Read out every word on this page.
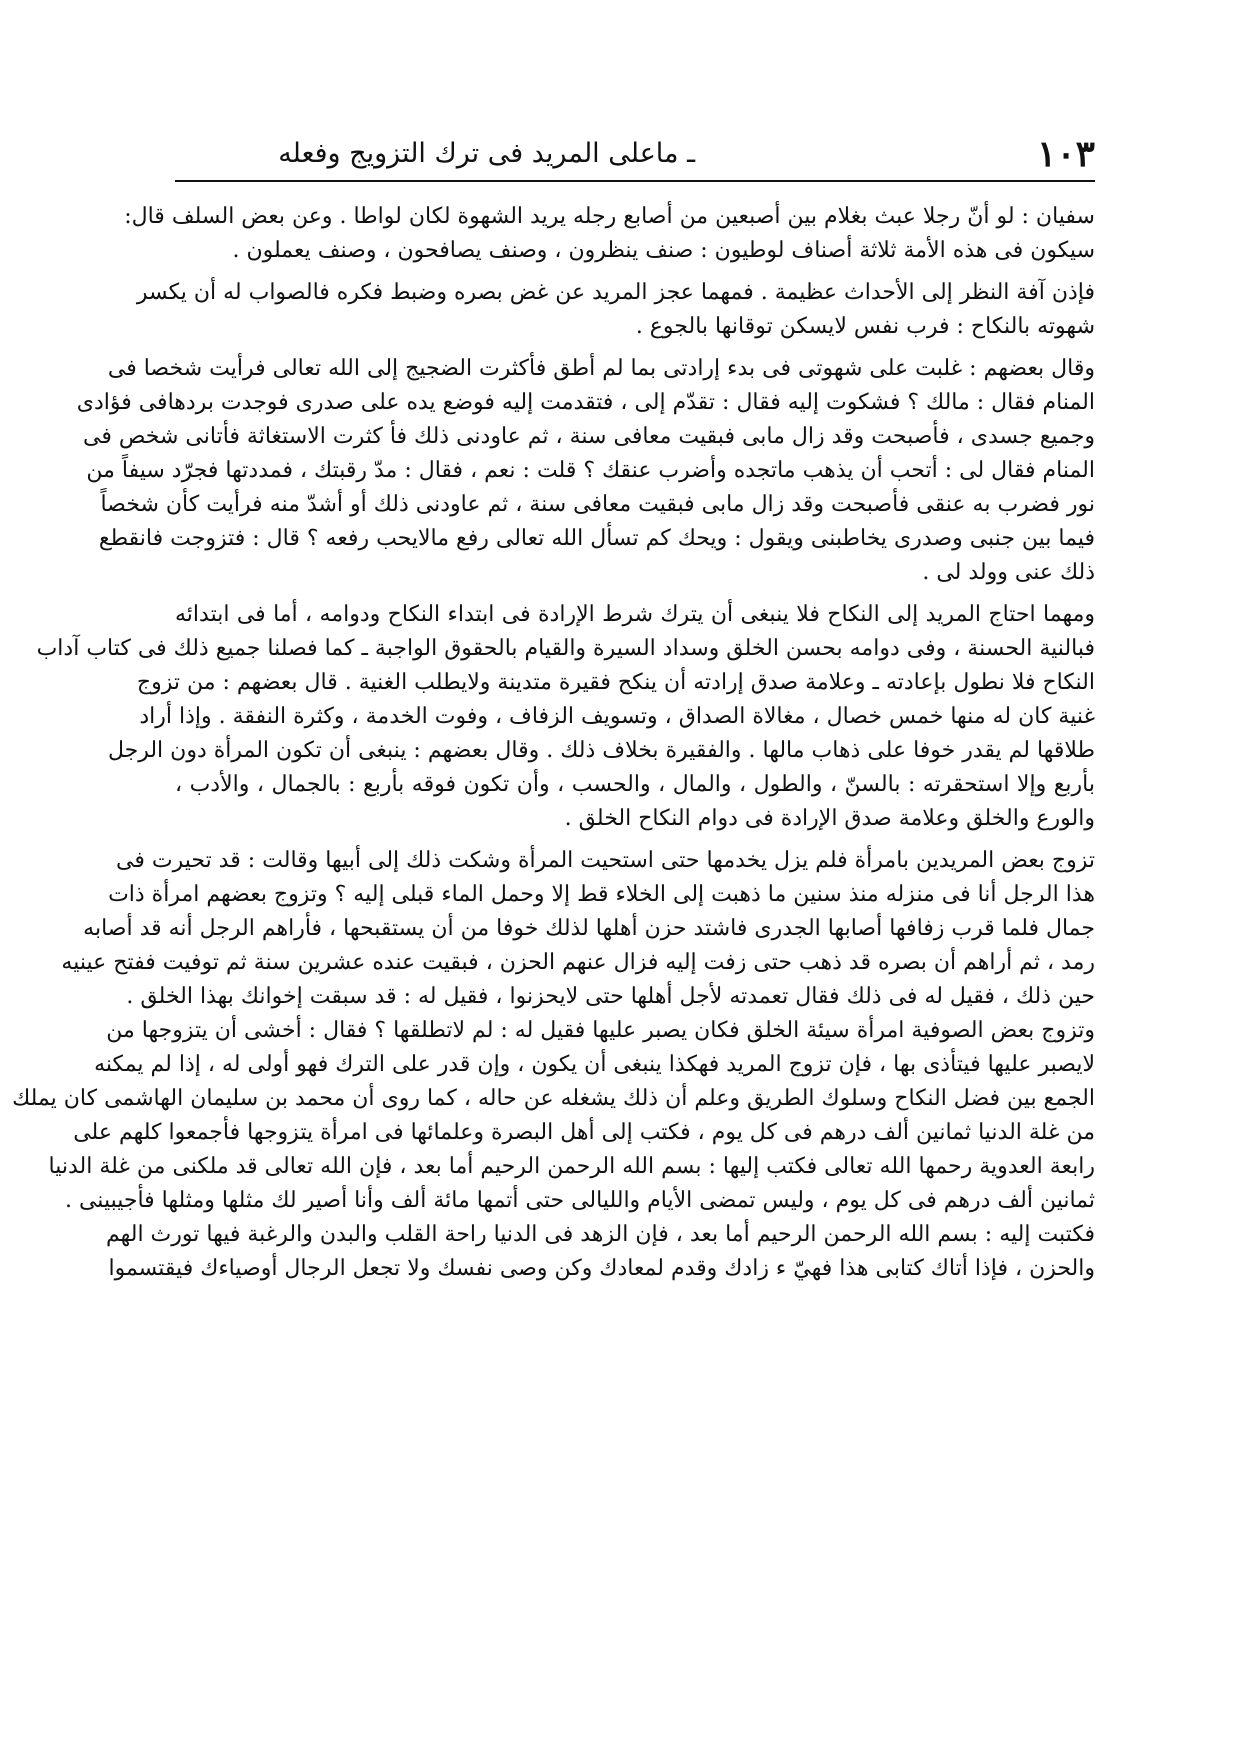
١٠٣
ـ ماعلى المريد فى ترك التزويج وفعله
سفيان : لو أنّ رجلا عبث بغلام بين أصبعين من أصابع رجله يريد الشهوة لكان لواطا . وعن بعض السلف قال:
سيكون فى هذه الأمة ثلاثة أصناف لوطيون : صنف ينظرون ، وصنف يصافحون ، وصنف يعملون .
فإذن آفة النظر إلى الأحداث عظيمة . فمهما عجز المريد عن غض بصره وضبط فكره فالصواب له أن يكسر
شهوته بالنكاح : فرب نفس لايسكن توقانها بالجوع .
وقال بعضهم : غلبت على شهوتى فى بدء إرادتى بما لم أطق فأكثرت الضجيج إلى الله تعالى فرأيت شخصا فى
المنام فقال : مالك ؟ فشكوت إليه فقال : تقدّم إلى ، فتقدمت إليه فوضع يده على صدرى فوجدت بردهافى فؤادى
وجميع جسدى ، فأصبحت وقد زال مابى فبقيت معافى سنة ، ثم عاودنى ذلك فأ كثرت الاستغاثة فأتانى شخص فى
المنام فقال لى : أتحب أن يذهب ماتجده وأضرب عنقك ؟ قلت : نعم ، فقال : مدّ رقبتك ، فمددتها فجرّد سيفاً من
نور فضرب به عنقى فأصبحت وقد زال مابى فبقيت معافى سنة ، ثم عاودنى ذلك أو أشدّ منه فرأيت كأن شخصاً
فيما بين جنبى وصدرى يخاطبنى ويقول : ويحك كم تسأل الله تعالى رفع مالايحب رفعه ؟ قال : فتزوجت فانقطع
ذلك عنى وولد لى .
ومهما احتاج المريد إلى النكاح فلا ينبغى أن يترك شرط الإرادة فى ابتداء النكاح ودوامه ، أما فى ابتدائه
فبالنية الحسنة ، وفى دوامه بحسن الخلق وسداد السيرة والقيام بالحقوق الواجبة ـ كما فصلنا جميع ذلك فى كتاب آداب
النكاح فلا نطول بإعادته ـ وعلامة صدق إرادته أن ينكح فقيرة متدينة ولايطلب الغنية . قال بعضهم : من تزوج
غنية كان له منها خمس خصال ، مغالاة الصداق ، وتسويف الزفاف ، وفوت الخدمة ، وكثرة النفقة . وإذا أراد
طلاقها لم يقدر خوفا على ذهاب مالها . والفقيرة بخلاف ذلك . وقال بعضهم : ينبغى أن تكون المرأة دون الرجل
بأربع وإلا استحقرته : بالسنّ ، والطول ، والمال ، والحسب ، وأن تكون فوقه بأربع : بالجمال ، والأدب ،
والورع والخلق وعلامة صدق الإرادة فى دوام النكاح الخلق .
تزوج بعض المريدين بامرأة فلم يزل يخدمها حتى استحيت المرأة وشكت ذلك إلى أبيها وقالت : قد تحيرت فى
هذا الرجل أنا فى منزله منذ سنين ما ذهبت إلى الخلاء قط إلا وحمل الماء قبلى إليه ؟ وتزوج بعضهم امرأة ذات
جمال فلما قرب زفافها أصابها الجدرى فاشتد حزن أهلها لذلك خوفا من أن يستقبحها ، فأراهم الرجل أنه قد أصابه
رمد ، ثم أراهم أن بصره قد ذهب حتى زفت إليه فزال عنهم الحزن ، فبقيت عنده عشرين سنة ثم توفيت ففتح عينيه
حين ذلك ، فقيل له فى ذلك فقال تعمدته لأجل أهلها حتى لايحزنوا ، فقيل له : قد سبقت إخوانك بهذا الخلق .
وتزوج بعض الصوفية امرأة سيئة الخلق فكان يصبر عليها فقيل له : لم لاتطلقها ؟ فقال : أخشى أن يتزوجها من
لايصبر عليها فيتأذى بها ، فإن تزوج المريد فهكذا ينبغى أن يكون ، وإن قدر على الترك فهو أولى له ، إذا لم يمكنه
الجمع بين فضل النكاح وسلوك الطريق وعلم أن ذلك يشغله عن حاله ، كما روى أن محمد بن سليمان الهاشمى كان يملك
من غلة الدنيا ثمانين ألف درهم فى كل يوم ، فكتب إلى أهل البصرة وعلمائها فى امرأة يتزوجها فأجمعوا كلهم على
رابعة العدوية رحمها الله تعالى فكتب إليها : بسم الله الرحمن الرحيم أما بعد ، فإن الله تعالى قد ملكنى من غلة الدنيا
ثمانين ألف درهم فى كل يوم ، وليس تمضى الأيام والليالى حتى أتمها مائة ألف وأنا أصير لك مثلها ومثلها فأجيبينى .
فكتبت إليه : بسم الله الرحمن الرحيم أما بعد ، فإن الزهد فى الدنيا راحة القلب والبدن والرغبة فيها تورث الهم
والحزن ، فإذا أتاك كتابى هذا فهيّ ء زادك وقدم لمعادك وكن وصى نفسك ولا تجعل الرجال أوصياءك فيقتسموا
